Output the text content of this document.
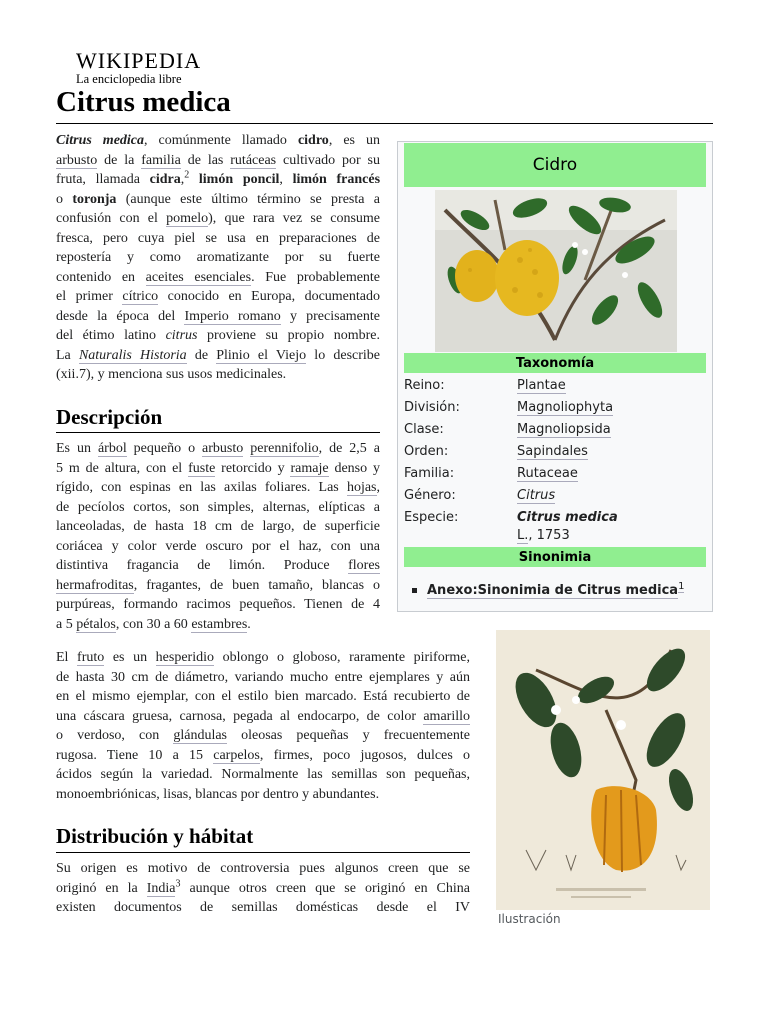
WIKIPEDIA
La enciclopedia libre
Citrus medica
Citrus medica, comúnmente llamado cidro, es un
arbusto de la familia de las rutáceas cultivado por su
fruta, llamada cidra,$^2$ limón poncil, limón francés
o toronja (aunque este último término se presta a
confusión con el pomelo), que rara vez se consume
fresca, pero cuya piel se usa en preparaciones de
repostería y como aromatizante por su fuerte
contenido en aceites esenciales. Fue probablemente
el primer cítrico conocido en Europa, documentado
desde la época del Imperio romano y precisamente
del étimo latino citrus proviene su propio nombre.
La Naturalis Historia de Plinio el Viejo lo describe
(xii.7), y menciona sus usos medicinales.
Descripción
Es un árbol pequeño o arbusto perennifolio, de 2,5 a
5 m de altura, con el fuste retorcido y ramaje denso y
rígido, con espinas en las axilas foliares. Las hojas,
de pecíolos cortos, son simples, alternas, elípticas a
lanceoladas, de hasta 18 cm de largo, de superficie
coriácea y color verde oscuro por el haz, con una
distintiva fragancia de limón. Produce flores
hermafroditas, fragantes, de buen tamaño, blancas o
purpúreas, formando racimos pequeños. Tienen de 4
a 5 pétalos, con 30 a 60 estambres.
El fruto es un hesperidio oblongo o globoso, raramente piriforme,
de hasta 30 cm de diámetro, variando mucho entre ejemplares y aún
en el mismo ejemplar, con el estilo bien marcado. Está recubierto de
una cáscara gruesa, carnosa, pegada al endocarpo, de color amarillo
o verdoso, con glándulas oleosas pequeñas y frecuentemente
rugosa. Tiene 10 a 15 carpelos, firmes, poco jugosos, dulces o
ácidos según la variedad. Normalmente las semillas son pequeñas,
monoembriónicas, lisas, blancas por dentro y abundantes.
Distribución y hábitat
Su origen es motivo de controversia pues algunos creen que se
originó en la India$^3$ aunque otros creen que se originó en China
existen documentos de semillas domésticas desde el IV
Cidro
Taxonomía
Reino:	Plantae
División:	Magnoliophyta
Clase:	Magnoliopsida
Orden:	Sapindales
Familia:	Rutaceae
Género:	Citrus
Especie:	Citrus medica
L., 1753
Sinonimia
Anexo:Sinonimia de Citrus medica$^1$
Ilustración
